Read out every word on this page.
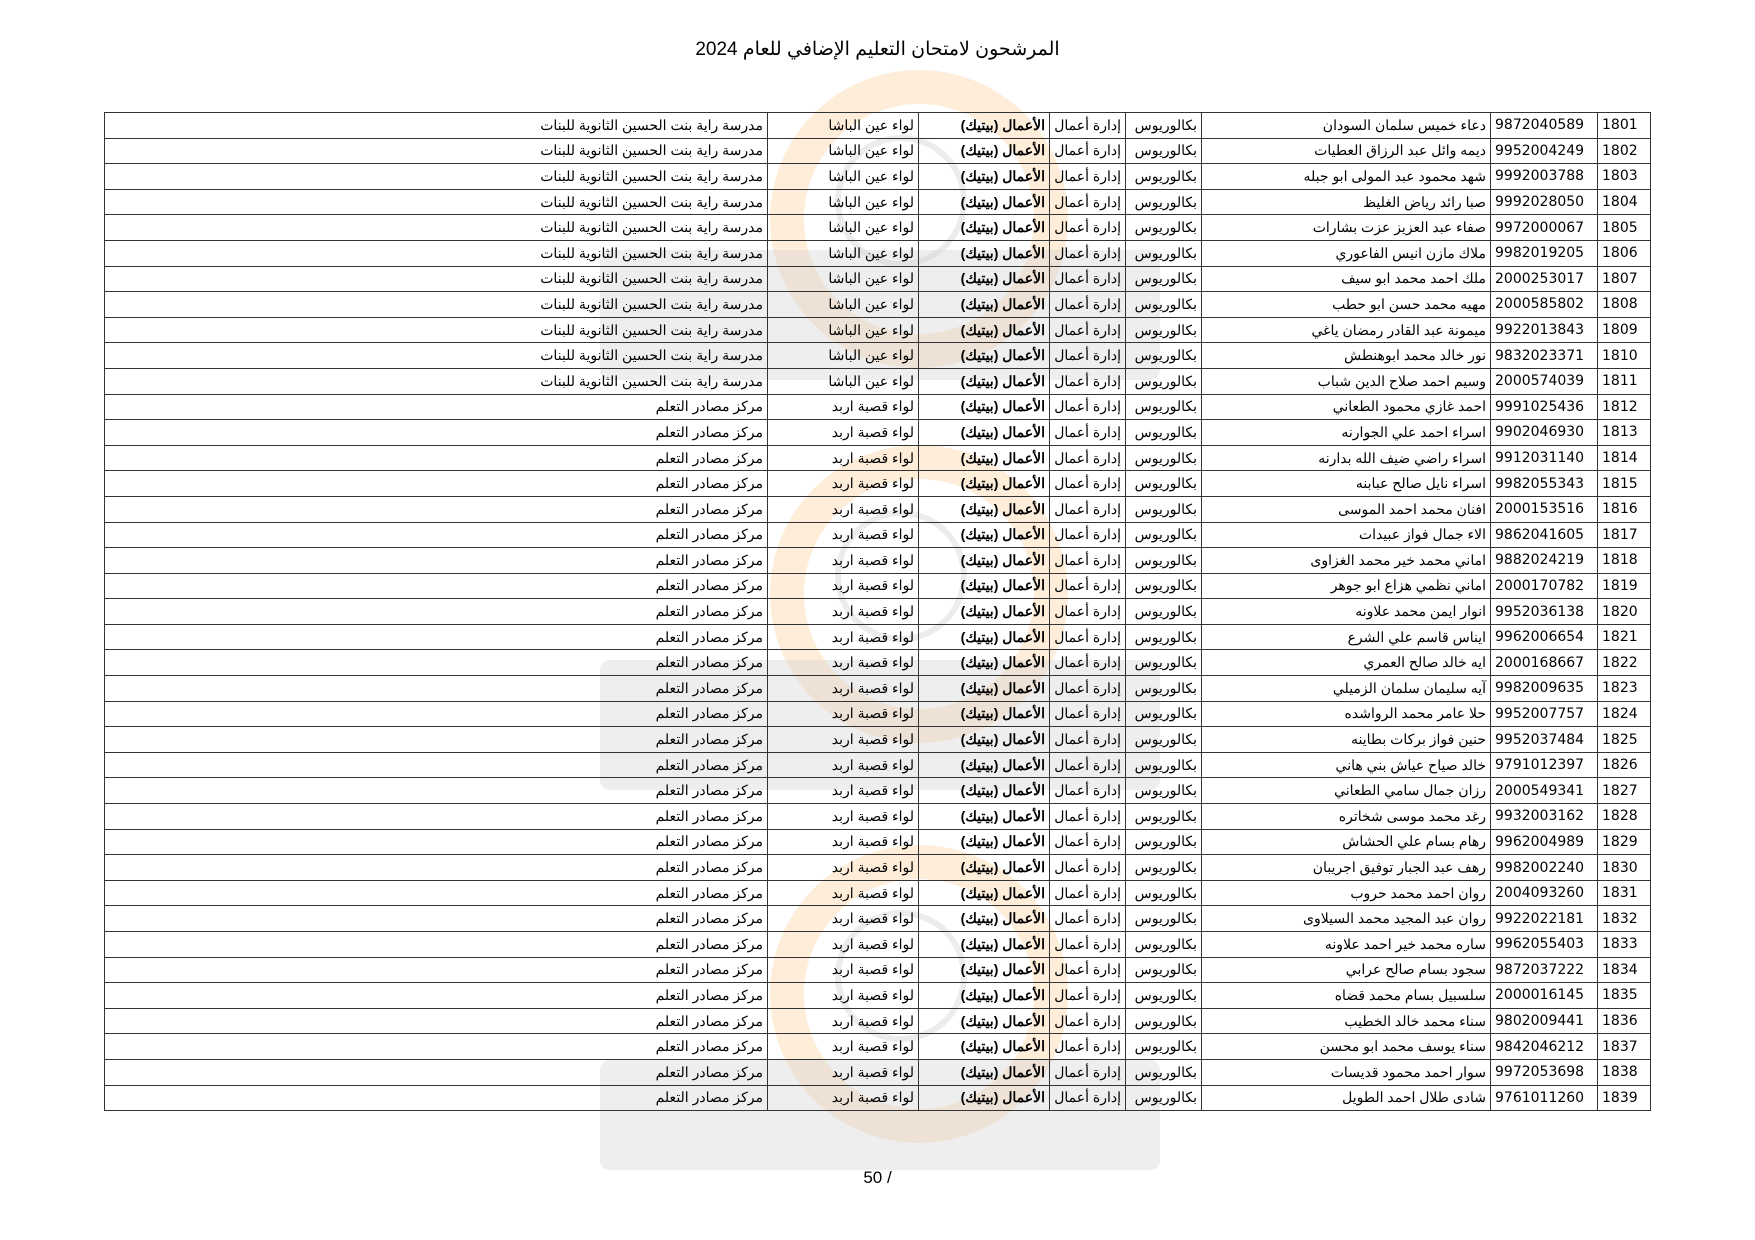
المرشحون لامتحان التعليم الإضافي للعام 2024
1801	9872040589	دعاء خميس سلمان السودان	بكالوريوس	إدارة أعمال	الأعمال (بيتيك)	لواء عين الباشا	مدرسة راية بنت الحسين الثانوية للبنات
1802	9952004249	ديمه وائل عبد الرزاق العطيات	بكالوريوس	إدارة أعمال	الأعمال (بيتيك)	لواء عين الباشا	مدرسة راية بنت الحسين الثانوية للبنات
1803	9992003788	شهد محمود عبد المولى ابو جبله	بكالوريوس	إدارة أعمال	الأعمال (بيتيك)	لواء عين الباشا	مدرسة راية بنت الحسين الثانوية للبنات
1804	9992028050	صبا رائد رياض الغليظ	بكالوريوس	إدارة أعمال	الأعمال (بيتيك)	لواء عين الباشا	مدرسة راية بنت الحسين الثانوية للبنات
1805	9972000067	صفاء عبد العزيز عزت بشارات	بكالوريوس	إدارة أعمال	الأعمال (بيتيك)	لواء عين الباشا	مدرسة راية بنت الحسين الثانوية للبنات
1806	9982019205	ملاك مازن انيس الفاعوري	بكالوريوس	إدارة أعمال	الأعمال (بيتيك)	لواء عين الباشا	مدرسة راية بنت الحسين الثانوية للبنات
1807	2000253017	ملك احمد محمد ابو سيف	بكالوريوس	إدارة أعمال	الأعمال (بيتيك)	لواء عين الباشا	مدرسة راية بنت الحسين الثانوية للبنات
1808	2000585802	مهيه محمد حسن ابو حطب	بكالوريوس	إدارة أعمال	الأعمال (بيتيك)	لواء عين الباشا	مدرسة راية بنت الحسين الثانوية للبنات
1809	9922013843	ميمونة عبد القادر رمضان ياغي	بكالوريوس	إدارة أعمال	الأعمال (بيتيك)	لواء عين الباشا	مدرسة راية بنت الحسين الثانوية للبنات
1810	9832023371	نور خالد محمد ابوهنطش	بكالوريوس	إدارة أعمال	الأعمال (بيتيك)	لواء عين الباشا	مدرسة راية بنت الحسين الثانوية للبنات
1811	2000574039	وسيم احمد صلاح الدين شباب	بكالوريوس	إدارة أعمال	الأعمال (بيتيك)	لواء عين الباشا	مدرسة راية بنت الحسين الثانوية للبنات
1812	9991025436	احمد غازي محمود الطعاني	بكالوريوس	إدارة أعمال	الأعمال (بيتيك)	لواء قصبة اربد	مركز مصادر التعلم
1813	9902046930	اسراء احمد علي الجوارنه	بكالوريوس	إدارة أعمال	الأعمال (بيتيك)	لواء قصبة اربد	مركز مصادر التعلم
1814	9912031140	اسراء راضي ضيف الله بدارنه	بكالوريوس	إدارة أعمال	الأعمال (بيتيك)	لواء قصبة اربد	مركز مصادر التعلم
1815	9982055343	اسراء نايل صالح عبابنه	بكالوريوس	إدارة أعمال	الأعمال (بيتيك)	لواء قصبة اربد	مركز مصادر التعلم
1816	2000153516	افنان محمد احمد الموسى	بكالوريوس	إدارة أعمال	الأعمال (بيتيك)	لواء قصبة اربد	مركز مصادر التعلم
1817	9862041605	الاء جمال فواز عبيدات	بكالوريوس	إدارة أعمال	الأعمال (بيتيك)	لواء قصبة اربد	مركز مصادر التعلم
1818	9882024219	اماني محمد خير محمد الغزاوى	بكالوريوس	إدارة أعمال	الأعمال (بيتيك)	لواء قصبة اربد	مركز مصادر التعلم
1819	2000170782	اماني نظمي هزاع ابو جوهر	بكالوريوس	إدارة أعمال	الأعمال (بيتيك)	لواء قصبة اربد	مركز مصادر التعلم
1820	9952036138	انوار ايمن محمد علاونه	بكالوريوس	إدارة أعمال	الأعمال (بيتيك)	لواء قصبة اربد	مركز مصادر التعلم
1821	9962006654	ايناس قاسم علي الشرع	بكالوريوس	إدارة أعمال	الأعمال (بيتيك)	لواء قصبة اربد	مركز مصادر التعلم
1822	2000168667	ايه خالد صالح العمري	بكالوريوس	إدارة أعمال	الأعمال (بيتيك)	لواء قصبة اربد	مركز مصادر التعلم
1823	9982009635	آيه سليمان سلمان الزميلي	بكالوريوس	إدارة أعمال	الأعمال (بيتيك)	لواء قصبة اربد	مركز مصادر التعلم
1824	9952007757	حلا عامر محمد الرواشده	بكالوريوس	إدارة أعمال	الأعمال (بيتيك)	لواء قصبة اربد	مركز مصادر التعلم
1825	9952037484	حنين فواز بركات بطاينه	بكالوريوس	إدارة أعمال	الأعمال (بيتيك)	لواء قصبة اربد	مركز مصادر التعلم
1826	9791012397	خالد صياح عياش بني هاني	بكالوريوس	إدارة أعمال	الأعمال (بيتيك)	لواء قصبة اربد	مركز مصادر التعلم
1827	2000549341	رزان جمال سامي الطعاني	بكالوريوس	إدارة أعمال	الأعمال (بيتيك)	لواء قصبة اربد	مركز مصادر التعلم
1828	9932003162	رغد محمد موسى شخاتره	بكالوريوس	إدارة أعمال	الأعمال (بيتيك)	لواء قصبة اربد	مركز مصادر التعلم
1829	9962004989	رهام بسام علي الحشاش	بكالوريوس	إدارة أعمال	الأعمال (بيتيك)	لواء قصبة اربد	مركز مصادر التعلم
1830	9982002240	رهف عبد الجبار توفيق اجريبان	بكالوريوس	إدارة أعمال	الأعمال (بيتيك)	لواء قصبة اربد	مركز مصادر التعلم
1831	2004093260	روان احمد محمد حروب	بكالوريوس	إدارة أعمال	الأعمال (بيتيك)	لواء قصبة اربد	مركز مصادر التعلم
1832	9922022181	روان عبد المجيد محمد السيلاوى	بكالوريوس	إدارة أعمال	الأعمال (بيتيك)	لواء قصبة اربد	مركز مصادر التعلم
1833	9962055403	ساره محمد خير احمد علاونه	بكالوريوس	إدارة أعمال	الأعمال (بيتيك)	لواء قصبة اربد	مركز مصادر التعلم
1834	9872037222	سجود بسام صالح عرابي	بكالوريوس	إدارة أعمال	الأعمال (بيتيك)	لواء قصبة اربد	مركز مصادر التعلم
1835	2000016145	سلسبيل بسام محمد قضاه	بكالوريوس	إدارة أعمال	الأعمال (بيتيك)	لواء قصبة اربد	مركز مصادر التعلم
1836	9802009441	سناء محمد خالد الخطيب	بكالوريوس	إدارة أعمال	الأعمال (بيتيك)	لواء قصبة اربد	مركز مصادر التعلم
1837	9842046212	سناء يوسف محمد ابو محسن	بكالوريوس	إدارة أعمال	الأعمال (بيتيك)	لواء قصبة اربد	مركز مصادر التعلم
1838	9972053698	سوار احمد محمود قديسات	بكالوريوس	إدارة أعمال	الأعمال (بيتيك)	لواء قصبة اربد	مركز مصادر التعلم
1839	9761011260	شادى طلال احمد الطويل	بكالوريوس	إدارة أعمال	الأعمال (بيتيك)	لواء قصبة اربد	مركز مصادر التعلم
50 /
